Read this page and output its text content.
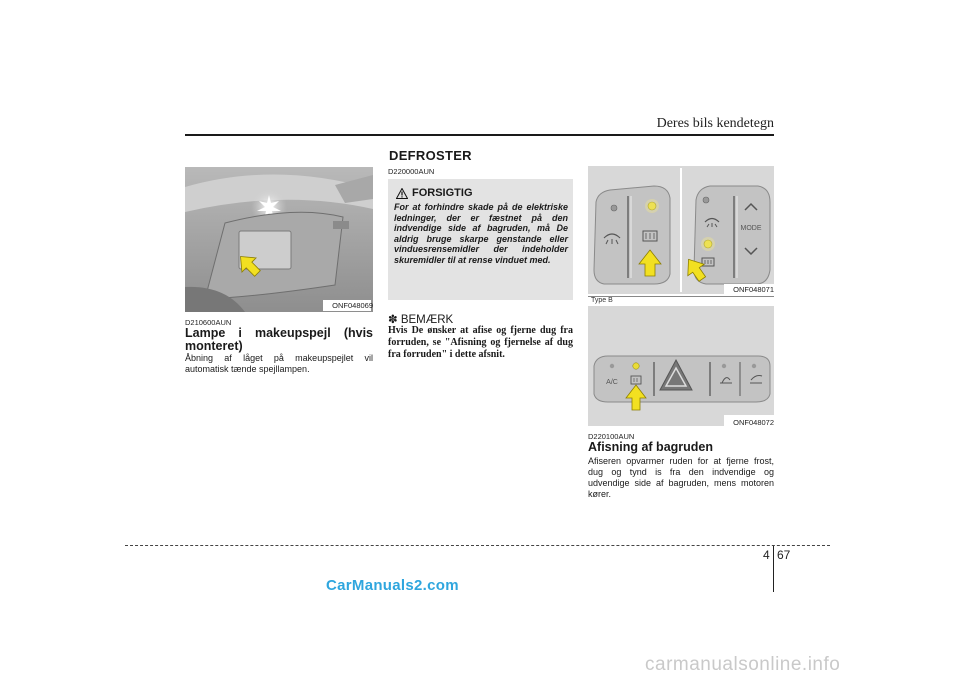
Deres bils kendetegn
DEFROSTER
ONF048069
D210600AUN
Lampe i makeupspejl (hvis monteret)
Åbning af låget på makeupspejlet vil automatisk tænde spejllampen.
D220000AUN
FORSIGTIG
For at forhindre skade på de elektriske ledninger, der er fæstnet på den indvendige side af bagruden, må De aldrig bruge skarpe genstande eller vinduesrensemidler der indeholder skuremidler til at rense vinduet med.
✽ BEMÆRK
Hvis De ønsker at afise og fjerne dug fra forruden, se "Afisning og fjernelse af dug fra forruden" i dette afsnit.
MODE
ONF048071
Type B
A/C
ONF048072
D220100AUN
Afisning af bagruden
Afiseren opvarmer ruden for at fjerne frost, dug og tynd is fra den indvendige og udvendige side af bagruden, mens motoren kører.
4 67
CarManuals2.com
carmanualsonline.info
